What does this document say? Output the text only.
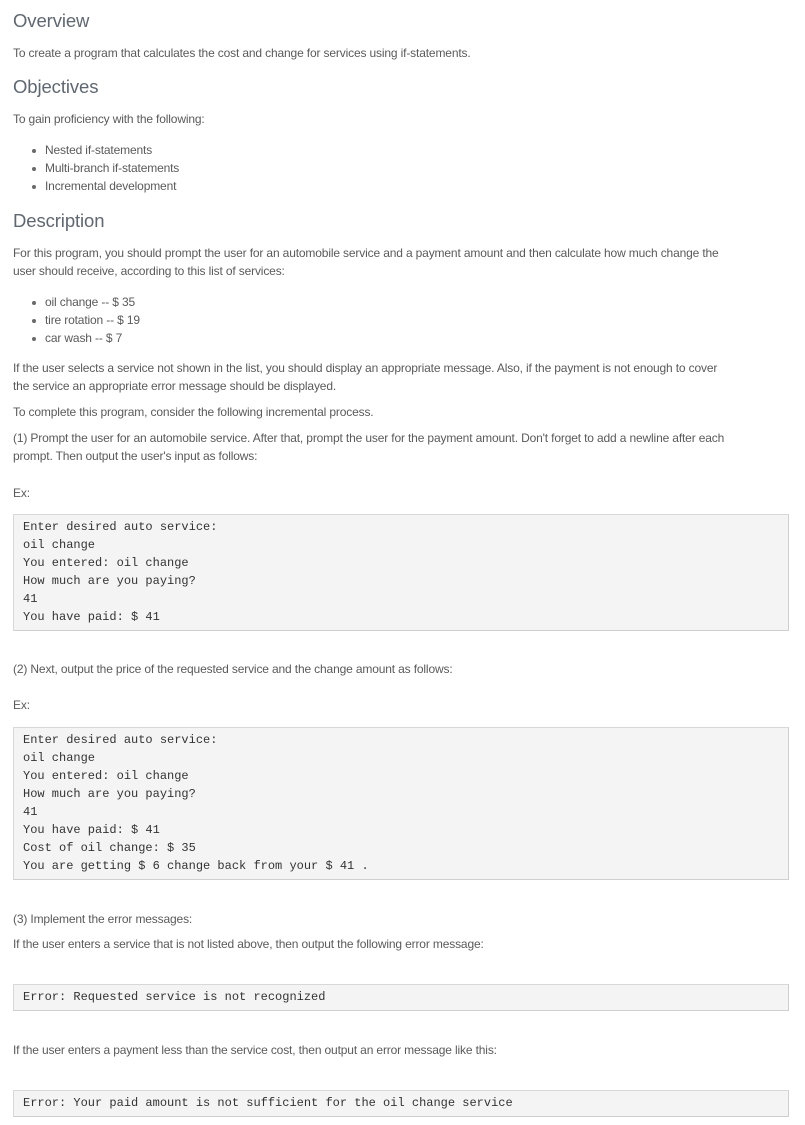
Overview

To create a program that calculates the cost and change for services using if-statements.

Objectives

To gain proficiency with the following:

Nested if-statements
Multi-branch if-statements
Incremental development
Description

For this program, you should prompt the user for an automobile service and a payment amount and then calculate how much change the

user should receive, according to this list of services:

oil change -- $ 35
tire rotation -- $ 19
car wash -- $ 7

If the user selects a service not shown in the list, you should display an appropriate message. Also, if the payment is not enough to cover

the service an appropriate error message should be displayed.

To complete this program, consider the following incremental process.

(1) Prompt the user for an automobile service. After that, prompt the user for the payment amount. Don't forget to add a newline after each

prompt. Then output the user's input as follows:

Ex:

Enter desired auto service:
oil change
You entered: oil change
How much are you paying?
41
You have paid: $ 41

(2) Next, output the price of the requested service and the change amount as follows:

Ex:

Enter desired auto service:
oil change
You entered: oil change
How much are you paying?
41
You have paid: $ 41
Cost of oil change: $ 35
You are getting $ 6 change back from your $ 41 .

(3) Implement the error messages:

If the user enters a service that is not listed above, then output the following error message:

Error: Requested service is not recognized

If the user enters a payment less than the service cost, then output an error message like this:

Error: Your paid amount is not sufficient for the oil change service
